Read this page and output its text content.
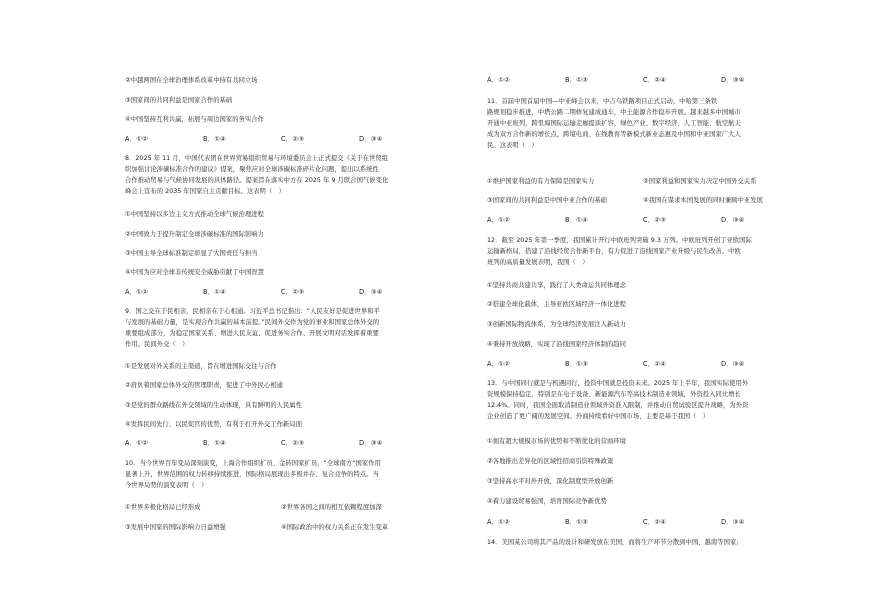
②中越两国在全球治理体系改革中持有共同立场
③国家间的共同利益是国家合作的基础
④中国坚持互利共赢，拓展与周边国家的务实合作
A．①②	B．①④	C．②③	D．③④
8．2025 年 11 月，中国代表团在世界贸易组织贸易与环境委员会上正式提交《关于在世贸组
织加强讨论涉碳标准合作的建议》提案，聚焦应对全球涉碳标准碎片化问题，提出以系统性
合作推动贸易与气候协同发展的具体路径。提案旨在落实中方在 2025 年 9 月联合国气候变化
峰会上宣布的 2035 年国家自主贡献目标。这表明（　）
①中国坚持以多边主义方式推动全球气候治理进程
②中国致力于提升制定全球涉碳标准的国际影响力
③中国主导全球标准制定彰显了大国责任与担当
④中国为应对全球非传统安全威胁贡献了中国智慧
A．①②	B．①④	C．②③	D．③④
9．国之交在于民相亲，民相亲在于心相通。习近平总书记指出：“人民友好是促进世界和平
与发展的基础力量，是实现合作共赢的基本前提。”民间外交作为党的事业和国家总体外交的
重要组成部分，为稳定国家关系、增进人民友谊、促进务实合作、开展文明对话发挥着重要
作用。民间外交（　）
①是发展对外关系的主渠道，旨在增进国际交往与合作
②肩负着国家总体外交的管理职责，促进了中外民心相通
③是党的群众路线在外交领域的生动体现，具有鲜明的人民属性
④发挥民间先行、以民促官的优势，有利于打开外交工作新局面
A．①②	B．①④	C．②③	D．③④
10．当今世界百年变局深刻演变，上海合作组织扩员、金砖国家扩员，“全球南方”国家作用
显著上升，世界范围的权力转移持续推进，国际格局展现出多极并存、复合竞争的特点。当
今世界局势的演变表明（　）
①世界多极化格局已经形成	②世界各国之间的相互依赖程度加深
③发展中国家的国际影响力日益增强	④国际政治中的权力关系正在发生变革
A．①②	B．①③	C．②④	D．③④
11．首届中国首届中国—中亚峰会以来，中吉乌铁路项目正式启动，中哈第三条铁
路规划稳步推进，中塔公路二期修复建成通车，中土能源合作稳步开展。越来越多中国城市
开通中亚班列，跨里海国际运输走廊提质扩容，绿色产业、数字经济、人工智能、航空航天
成为双方合作新的增长点，跨境电商、在线教育等新模式新业态惠及中国和中亚国家广大人
民。这表明（　）
①维护国家利益的有力保障是国家实力	②国家利益和国家实力决定中国外交关系
③国家间的共同利益是中国中亚合作的基础	④我国在谋求本国发展的同时兼顾中亚发展
A．①②	B．①④	C．②③	D．③④
12．截至 2025 年第一季度，我国累计开行中欧班列突破 9.3 万列。中欧班列开创了亚欧国际
运输新格局，搭建了沿线经贸合作新平台，有力促进了沿线国家产业升级与民生改善。中欧
班列的高质量发展表明，我国（　）
①坚持共商共建共享，践行了人类命运共同体理念
②搭建全球化载体，主导亚欧区域经济一体化进程
③创新国际物流体系，为全球经济发展注入新动力
④秉持开放战略，实现了沿线国家经济体制的趋同
A．①②	B．①③	C．②④	D．③④
13．与中国同行就是与机遇同行，投资中国就是投资未来。2025 年上半年，我国实际使用外
资规模保持稳定，特别是在电子设备、新能源汽车等高技术制造业领域，外资投入同比增长
12.4%。同时，我国全面取消制造业领域外资准入限制，并推动自贸试验区提升战略，为外资
企业创造了更广阔的发展空间。外商持续看好中国市场，主要是基于我国（　）
①拥有超大规模市场的优势和不断优化的营商环境
②各地推出差异化的区域性招商引资特殊政策
③坚持高水平对外开放，深化制度型开放创新
④着力建设贸易强国，培育国际竞争新优势
A．①②	B．①③	C．②④	D．③④
14．美国某公司将其产品的设计和研发放在美国，而将生产环节分散到中国、越南等国家；
